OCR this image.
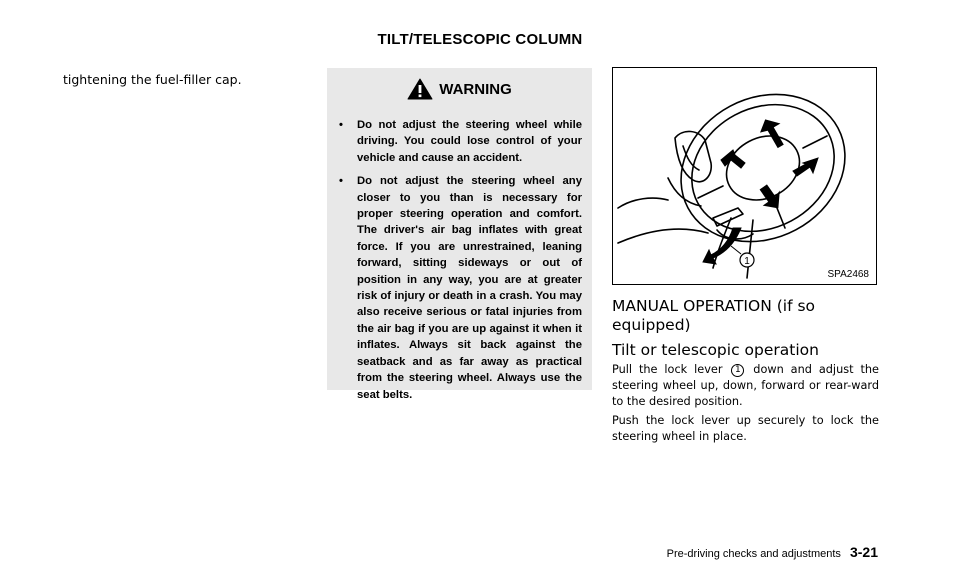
TILT/TELESCOPIC COLUMN
tightening the fuel-filler cap.
WARNING
• Do not adjust the steering wheel while driving. You could lose control of your vehicle and cause an accident.
• Do not adjust the steering wheel any closer to you than is necessary for proper steering operation and comfort. The driver's air bag inflates with great force. If you are unrestrained, leaning forward, sitting sideways or out of position in any way, you are at greater risk of injury or death in a crash. You may also receive serious or fatal injuries from the air bag if you are up against it when it inflates. Always sit back against the seatback and as far away as practical from the steering wheel. Always use the seat belts.
1
SPA2468
MANUAL OPERATION (if so equipped)
Tilt or telescopic operation
Pull the lock lever 1 down and adjust the steering wheel up, down, forward or rear-ward to the desired position.
Push the lock lever up securely to lock the steering wheel in place.
Pre-driving checks and adjustments 3-21
